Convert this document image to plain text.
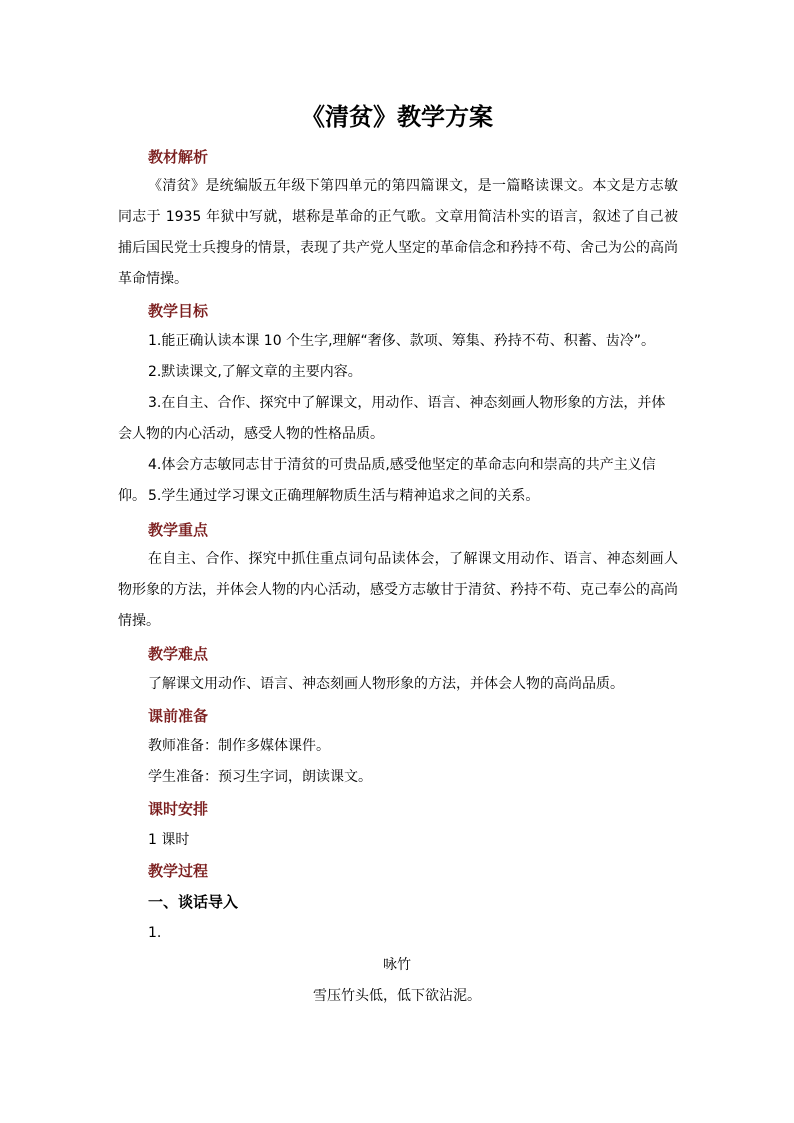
《清贫》教学方案
教材解析
《清贫》是统编版五年级下第四单元的第四篇课文，是一篇略读课文。本文是方志敏同志于 1935 年狱中写就，堪称是革命的正气歌。文章用简洁朴实的语言，叙述了自己被捕后国民党士兵搜身的情景，表现了共产党人坚定的革命信念和矜持不苟、舍己为公的高尚革命情操。
教学目标
1.能正确认读本课 10 个生字,理解“奢侈、款项、筹集、矜持不苟、积蓄、齿冷”。
2.默读课文,了解文章的主要内容。
3.在自主、合作、探究中了解课文，用动作、语言、神态刻画人物形象的方法，并体会人物的内心活动，感受人物的性格品质。
4.体会方志敏同志甘于清贫的可贵品质,感受他坚定的革命志向和崇高的共产主义信仰。 5.学生通过学习课文正确理解物质生活与精神追求之间的关系。
教学重点
在自主、合作、探究中抓住重点词句品读体会，了解课文用动作、语言、神态刻画人物形象的方法，并体会人物的内心活动，感受方志敏甘于清贫、矜持不苟、克己奉公的高尚情操。
教学难点
了解课文用动作、语言、神态刻画人物形象的方法，并体会人物的高尚品质。
课前准备
教师准备：制作多媒体课件。
学生准备：预习生字词，朗读课文。
课时安排
1 课时
教学过程
一、谈话导入
1.
咏竹
雪压竹头低，低下欲沾泥。
